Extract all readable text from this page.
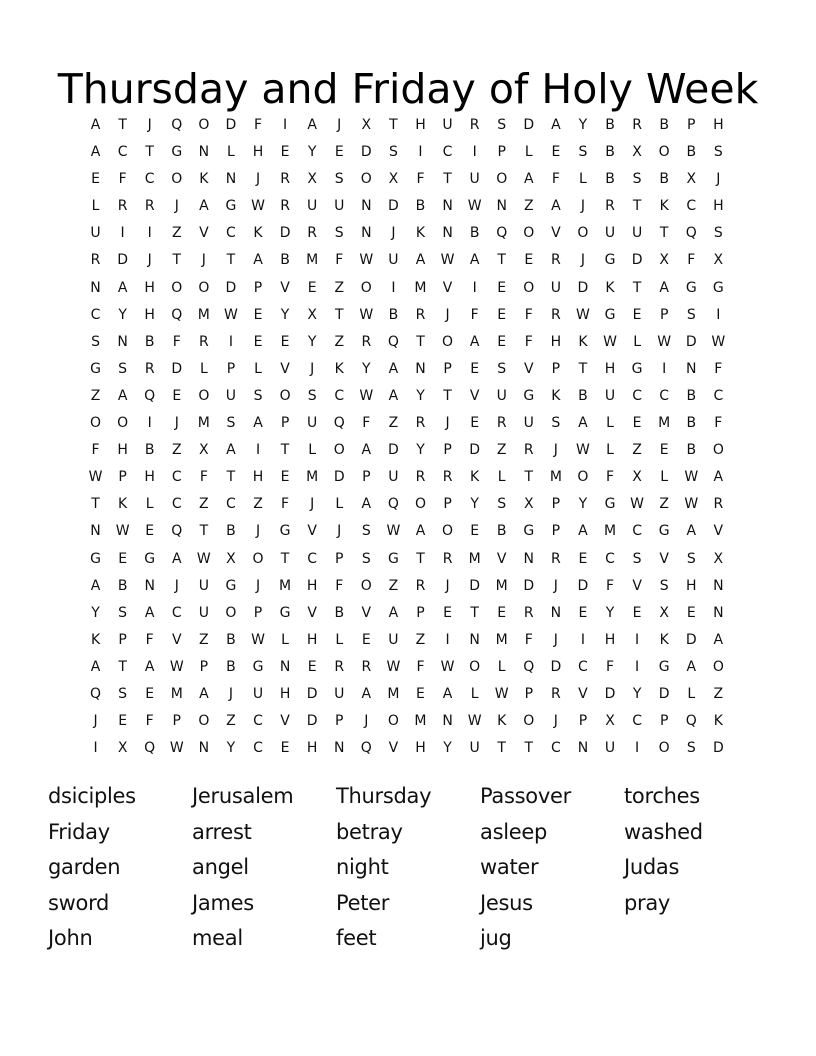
Thursday and Friday of Holy Week
A	T	J	Q	O	D	F	I	A	J	X	T	H	U	R	S	D	A	Y	B	R	B	P	H
A	C	T	G	N	L	H	E	Y	E	D	S	I	C	I	P	L	E	S	B	X	O	B	S
E	F	C	O	K	N	J	R	X	S	O	X	F	T	U	O	A	F	L	B	S	B	X	J
L	R	R	J	A	G	W	R	U	U	N	D	B	N	W	N	Z	A	J	R	T	K	C	H
U	I	I	Z	V	C	K	D	R	S	N	J	K	N	B	Q	O	V	O	U	U	T	Q	S
R	D	J	T	J	T	A	B	M	F	W	U	A	W	A	T	E	R	J	G	D	X	F	X
N	A	H	O	O	D	P	V	E	Z	O	I	M	V	I	E	O	U	D	K	T	A	G	G
C	Y	H	Q	M	W	E	Y	X	T	W	B	R	J	F	E	F	R	W	G	E	P	S	I
S	N	B	F	R	I	E	E	Y	Z	R	Q	T	O	A	E	F	H	K	W	L	W	D	W
G	S	R	D	L	P	L	V	J	K	Y	A	N	P	E	S	V	P	T	H	G	I	N	F
Z	A	Q	E	O	U	S	O	S	C	W	A	Y	T	V	U	G	K	B	U	C	C	B	C
O	O	I	J	M	S	A	P	U	Q	F	Z	R	J	E	R	U	S	A	L	E	M	B	F
F	H	B	Z	X	A	I	T	L	O	A	D	Y	P	D	Z	R	J	W	L	Z	E	B	O
W	P	H	C	F	T	H	E	M	D	P	U	R	R	K	L	T	M	O	F	X	L	W	A
T	K	L	C	Z	C	Z	F	J	L	A	Q	O	P	Y	S	X	P	Y	G	W	Z	W	R
N	W	E	Q	T	B	J	G	V	J	S	W	A	O	E	B	G	P	A	M	C	G	A	V
G	E	G	A	W	X	O	T	C	P	S	G	T	R	M	V	N	R	E	C	S	V	S	X
A	B	N	J	U	G	J	M	H	F	O	Z	R	J	D	M	D	J	D	F	V	S	H	N
Y	S	A	C	U	O	P	G	V	B	V	A	P	E	T	E	R	N	E	Y	E	X	E	N
K	P	F	V	Z	B	W	L	H	L	E	U	Z	I	N	M	F	J	I	H	I	K	D	A
A	T	A	W	P	B	G	N	E	R	R	W	F	W	O	L	Q	D	C	F	I	G	A	O
Q	S	E	M	A	J	U	H	D	U	A	M	E	A	L	W	P	R	V	D	Y	D	L	Z
J	E	F	P	O	Z	C	V	D	P	J	O	M	N	W	K	O	J	P	X	C	P	Q	K
I	X	Q	W	N	Y	C	E	H	N	Q	V	H	Y	U	T	T	C	N	U	I	O	S	D
dsiciples	Jerusalem	Thursday	Passover	torches
Friday	arrest	betray	asleep	washed
garden	angel	night	water	Judas
sword	James	Peter	Jesus	pray
John	meal	feet	jug
